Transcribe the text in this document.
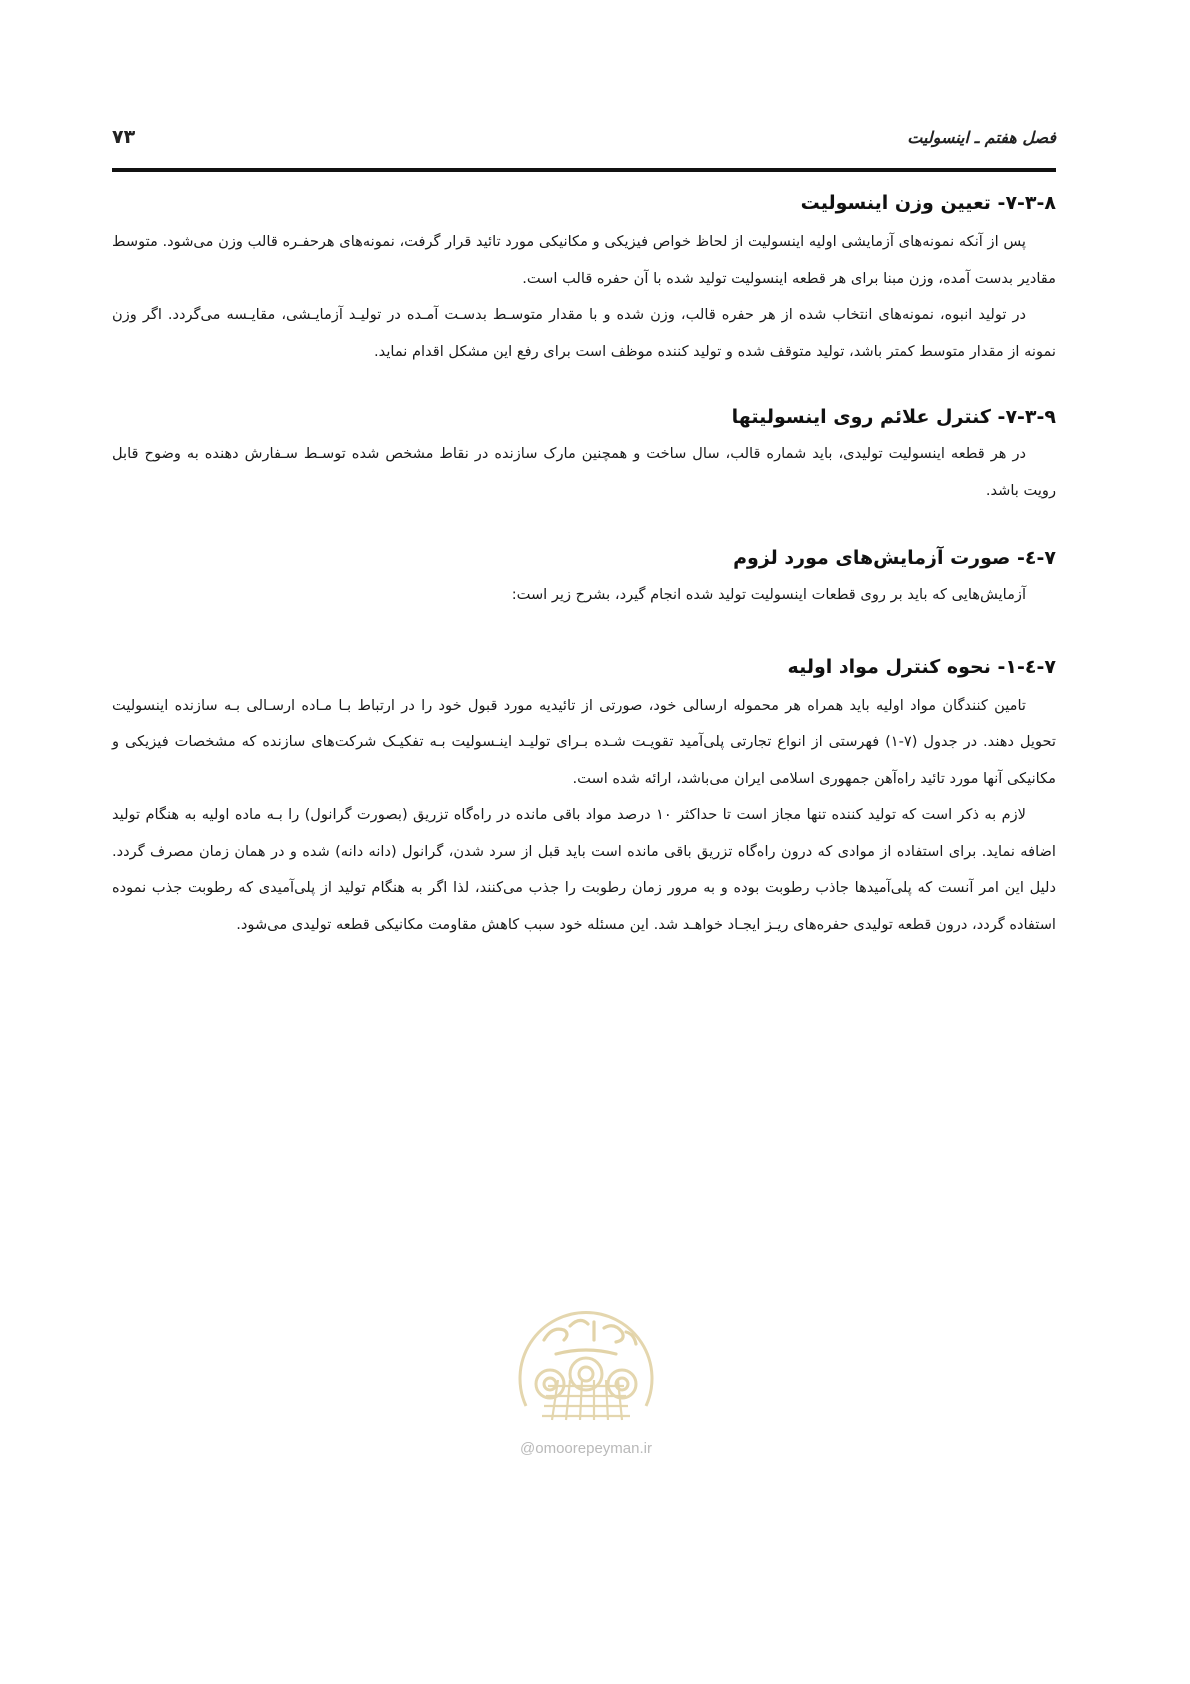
فصل هفتم ـ اینسولیت
۷۳
۷-۳-۸- تعیین وزن اینسولیت

پس از آنکه نمونه‌های آزمایشی اولیه اینسولیت از لحاظ خواص فیزیکی و مکانیکی مورد تائید قرار گرفت، نمونه‌های هرحفـره قالب وزن می‌شود. متوسط مقادیر بدست آمده، وزن مبنا برای هر قطعه اینسولیت تولید شده با آن حفره قالب است.

در تولید انبوه، نمونه‌های انتخاب شده از هر حفره قالب، وزن شده و با مقدار متوسـط بدسـت آمـده در تولیـد آزمایـشی، مقایـسه می‌گردد. اگر وزن نمونه از مقدار متوسط کمتر باشد، تولید متوقف شده و تولید کننده موظف است برای رفع این مشکل اقدام نماید.

۷-۳-۹- کنترل علائم روی اینسولیتها

در هر قطعه اینسولیت تولیدی، باید شماره قالب، سال ساخت و همچنین مارک سازنده در نقاط مشخص شده توسـط سـفارش دهنده به وضوح قابل رویت باشد.

۷-٤- صورت آزمایش‌های مورد لزوم

آزمایش‌هایی که باید بر روی قطعات اینسولیت تولید شده انجام گیرد، بشرح زیر است:

۷-٤-۱- نحوه کنترل مواد اولیه

تامین کنندگان مواد اولیه باید همراه هر محموله ارسالی خود، صورتی از تائیدیه مورد قبول خود را در ارتباط بـا مـاده ارسـالی بـه سازنده اینسولیت تحویل دهند. در جدول (۷-۱) فهرستی از انواع تجارتی پلی‌آمید تقویـت شـده بـرای تولیـد اینـسولیت بـه تفکیـک شرکت‌های سازنده که مشخصات فیزیکی و مکانیکی آنها مورد تائید راه‌آهن جمهوری اسلامی ایران می‌باشد، ارائه شده است.

لازم به ذکر است که تولید کننده تنها مجاز است تا حداکثر ۱۰ درصد مواد باقی مانده در راه‌گاه تزریق (بصورت گرانول) را بـه ماده اولیه به هنگام تولید اضافه نماید. برای استفاده از موادی که درون راه‌گاه تزریق باقی مانده است باید قبل از سرد شدن، گرانول (دانه دانه) شده و در همان زمان مصرف گردد. دلیل این امر آنست که پلی‌آمیدها جاذب رطوبت بوده و به مرور زمان رطوبت را جذب می‌کنند، لذا اگر به هنگام تولید از پلی‌آمیدی که رطوبت جذب نموده استفاده گردد، درون قطعه تولیدی حفره‌های ریـز ایجـاد خواهـد شد. این مسئله خود سبب کاهش مقاومت مکانیکی قطعه تولیدی می‌شود.

@omoorepeyman.ir
